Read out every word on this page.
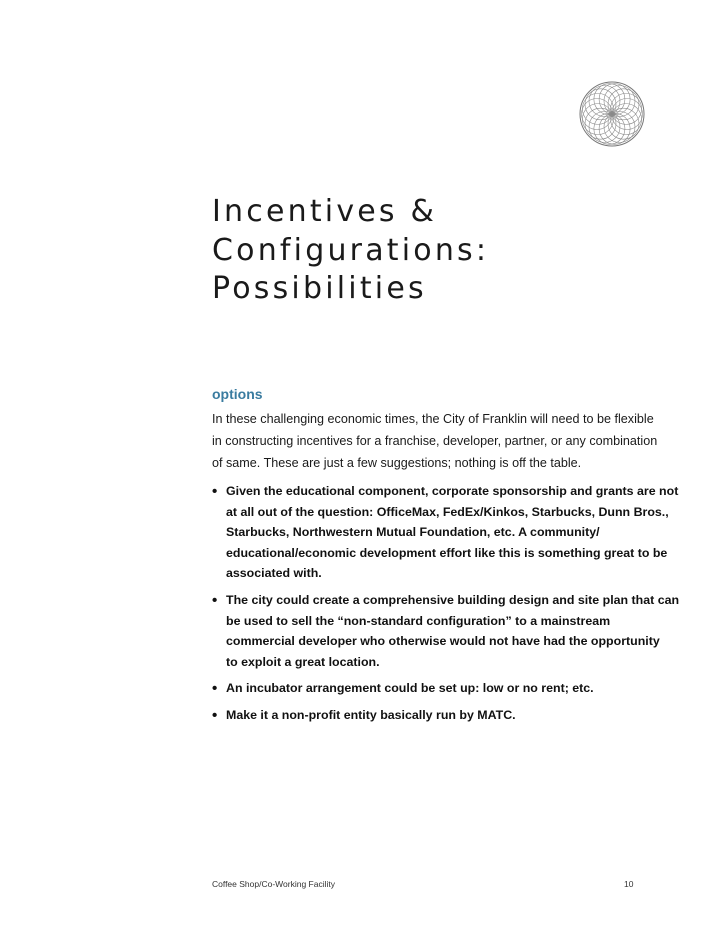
Incentives &
Configurations:
Possibilities
options

In these challenging economic times, the City of Franklin will need to be flexible
in constructing incentives for a franchise, developer, partner, or any combination
of same. These are just a few suggestions; nothing is off the table.

• Given the educational component, corporate sponsorship and grants are not
at all out of the question: OfficeMax, FedEx/Kinkos, Starbucks, Dunn Bros.,
Starbucks, Northwestern Mutual Foundation, etc. A community/
educational/economic development effort like this is something great to be
associated with.
• The city could create a comprehensive building design and site plan that can
be used to sell the “non-standard configuration” to a mainstream
commercial developer who otherwise would not have had the opportunity
to exploit a great location.
• An incubator arrangement could be set up: low or no rent; etc.
• Make it a non-profit entity basically run by MATC.
Coffee Shop/Co-Working Facility	10
